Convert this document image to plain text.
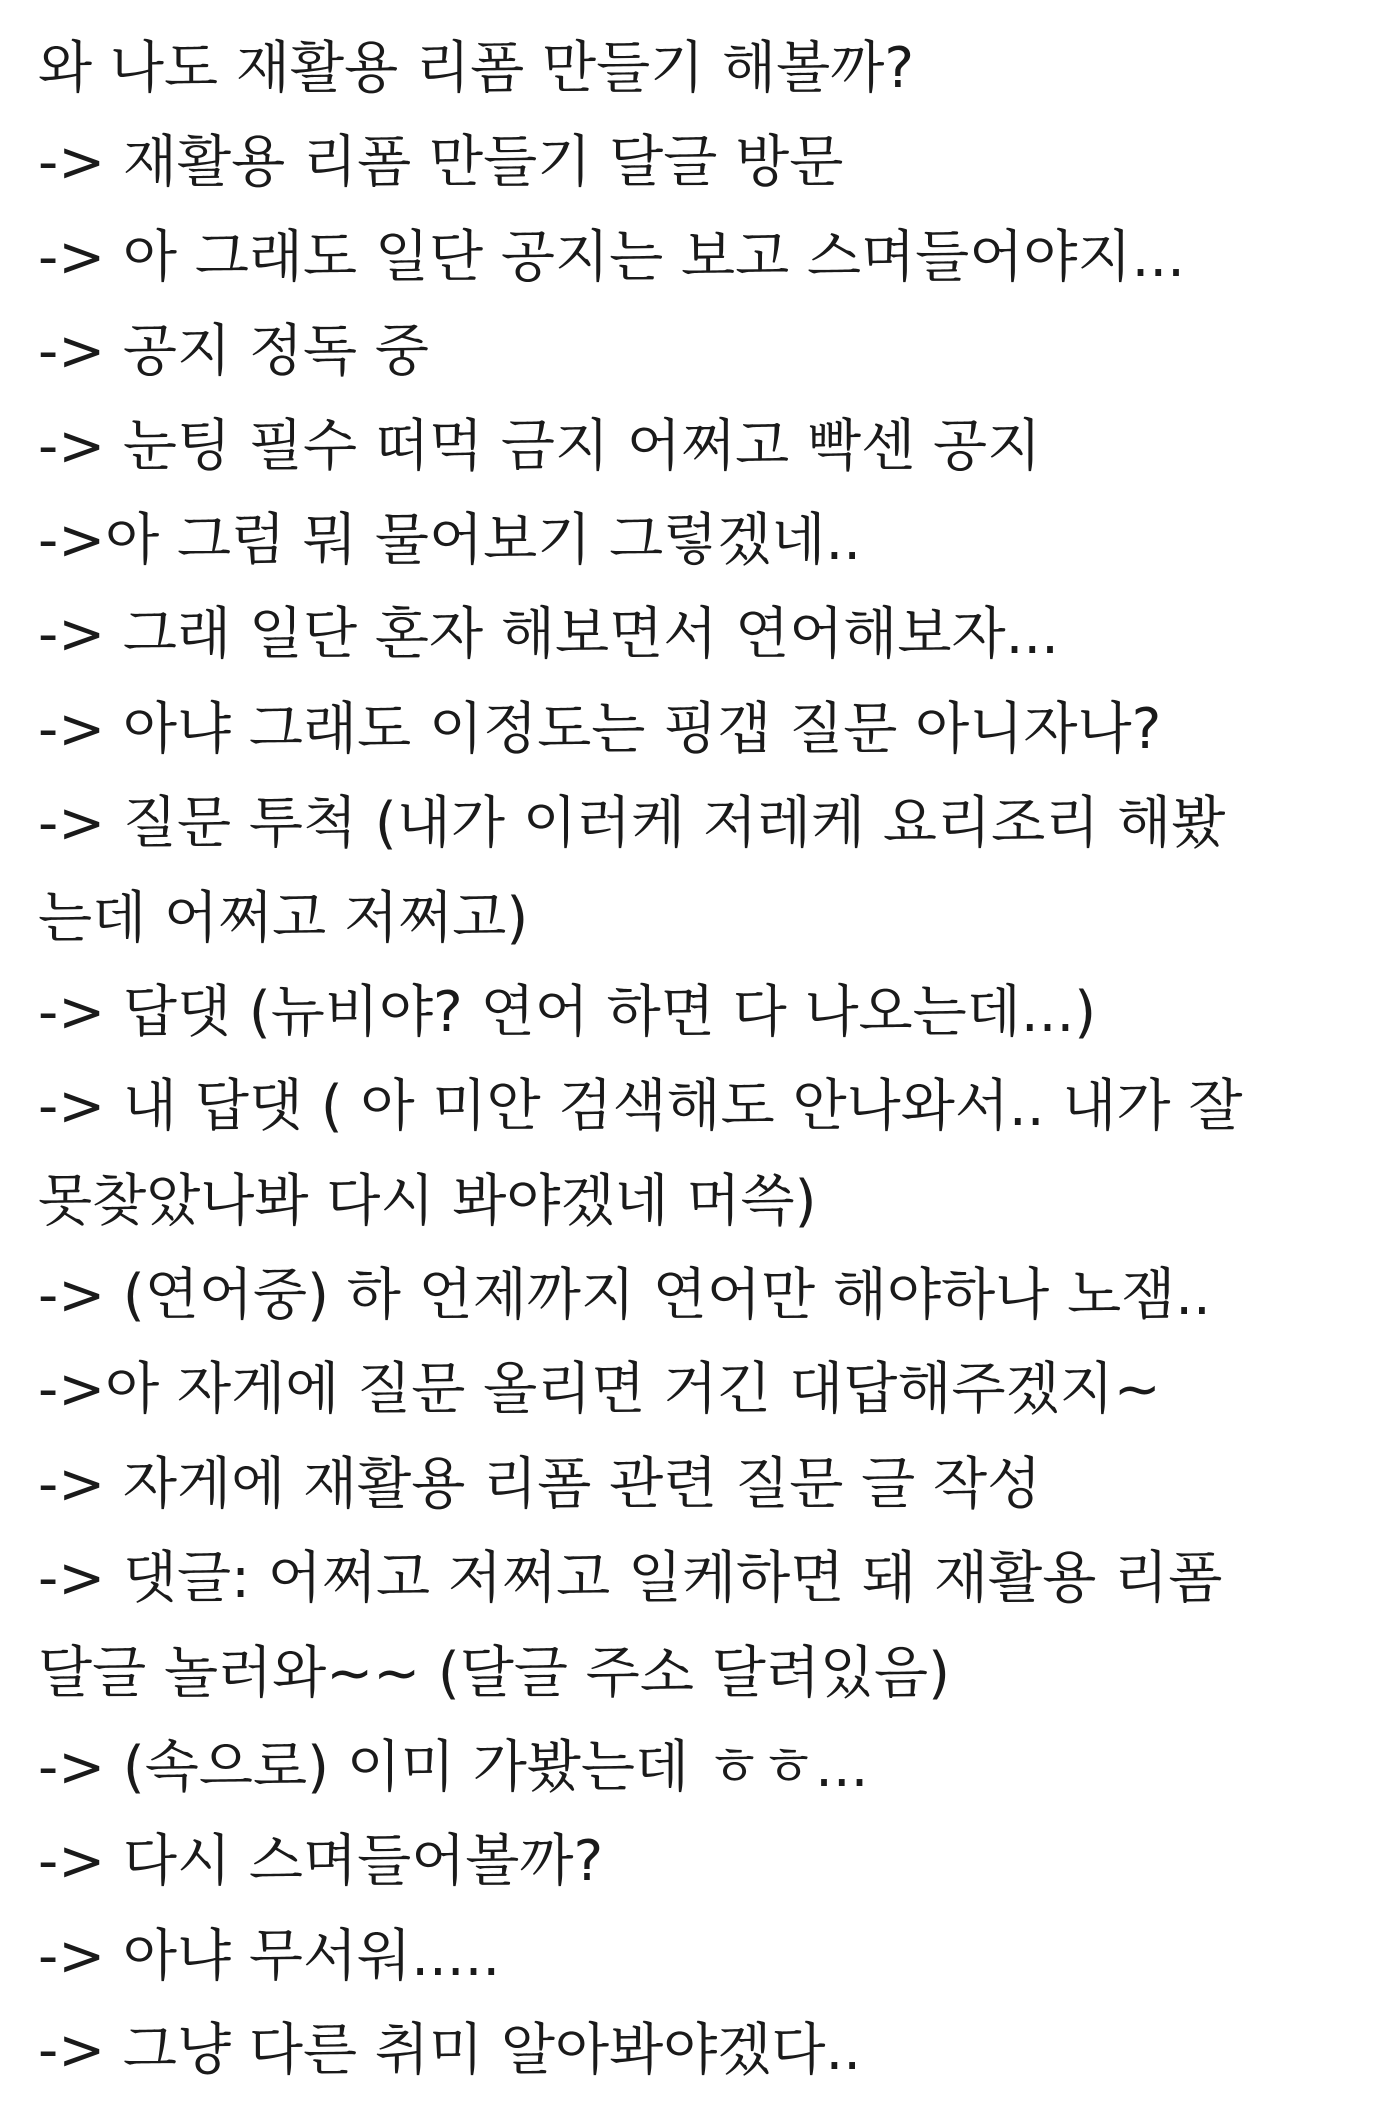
와 나도 재활용 리폼 만들기 해볼까?
-> 재활용 리폼 만들기 달글 방문
-> 아 그래도 일단 공지는 보고 스며들어야지...
-> 공지 정독 중
-> 눈팅 필수 떠먹 금지 어쩌고 빡센 공지
->아 그럼 뭐 물어보기 그렇겠네..
-> 그래 일단 혼자 해보면서 연어해보자...
-> 아냐 그래도 이정도는 핑갭 질문 아니자나?
-> 질문 투척 (내가 이러케 저레케 요리조리 해봤
는데 어쩌고 저쩌고)
-> 답댓 (뉴비야? 연어 하면 다 나오는데...)
-> 내 답댓 ( 아 미안 검색해도 안나와서.. 내가 잘
못찾았나봐 다시 봐야겠네 머쓱)
-> (연어중) 하 언제까지 연어만 해야하나 노잼..
->아 자게에 질문 올리면 거긴 대답해주겠지~
-> 자게에 재활용 리폼 관련 질문 글 작성
-> 댓글: 어쩌고 저쩌고 일케하면 돼 재활용 리폼
달글 놀러와~~ (달글 주소 달려있음)
-> (속으로) 이미 가봤는데 ㅎㅎ...
-> 다시 스며들어볼까?
-> 아냐 무서워.....
-> 그냥 다른 취미 알아봐야겠다..
